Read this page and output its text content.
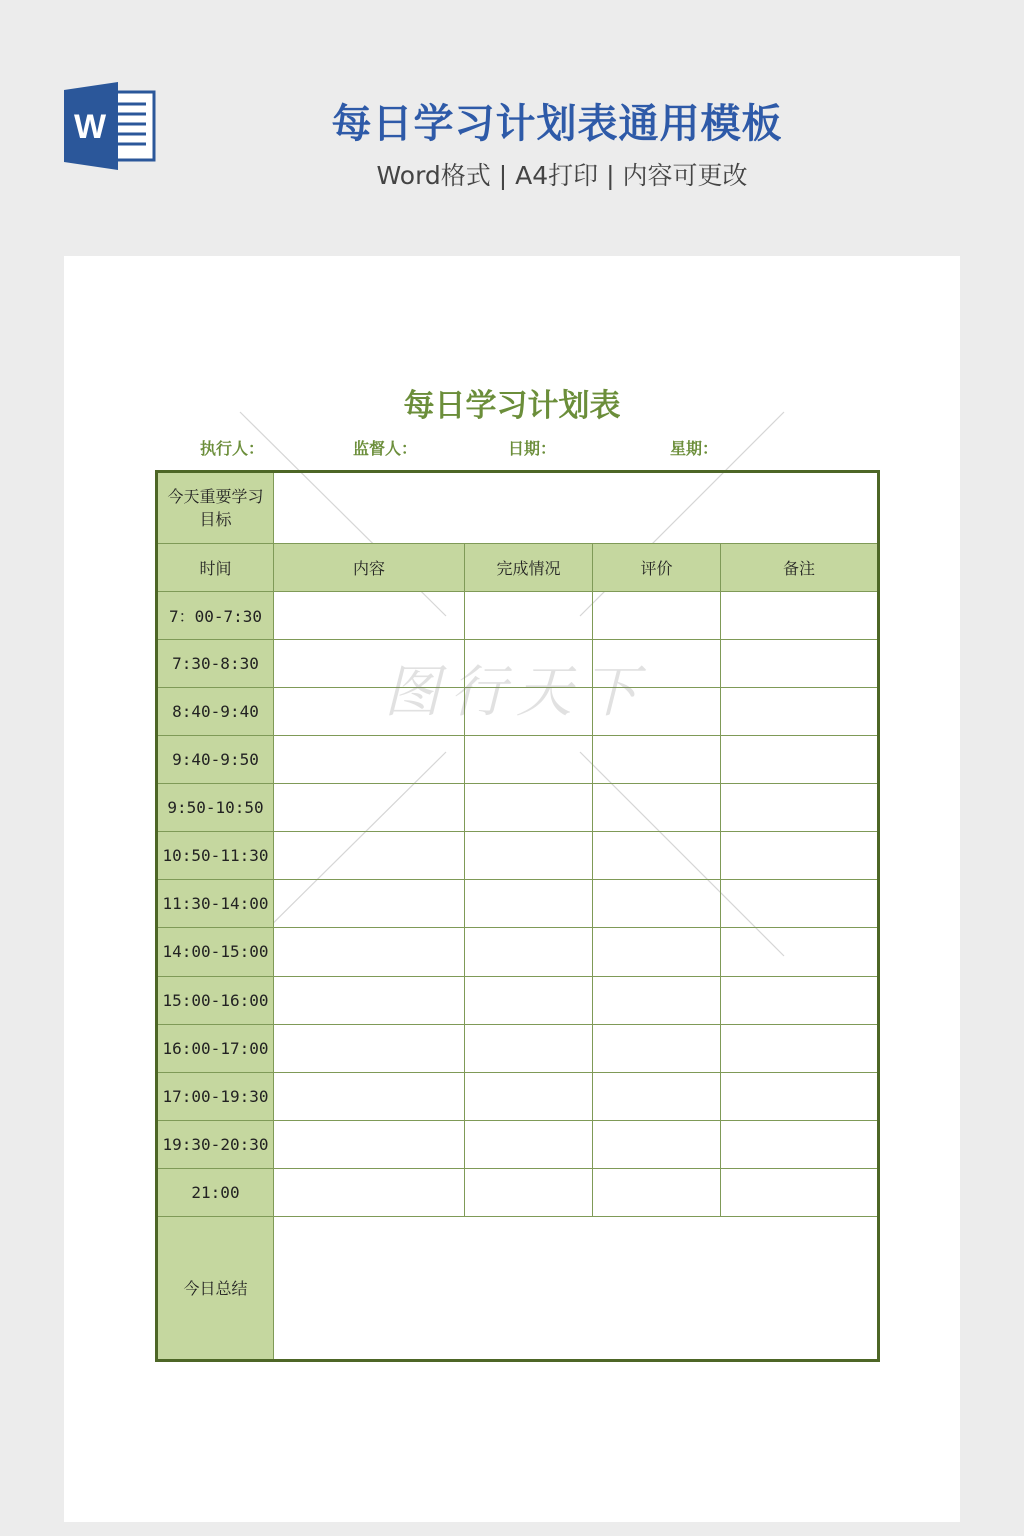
W	每日学习计划表通用模板
Word格式 | A4打印 | 内容可更改
每日学习计划表
执行人：	监督人：	日期：	星期：
今天重要学习目标				

时间	内容	完成情况	评价	备注
7：00-7:30				
7:30-8:30				
8:40-9:40				
9:40-9:50				
9:50-10:50				
10:50-11:30				
11:30-14:00				
14:00-15:00				
15:00-16:00				
16:00-17:00				
17:00-19:30				
19:30-20:30				
21:00				
今日总结				
图行天下
